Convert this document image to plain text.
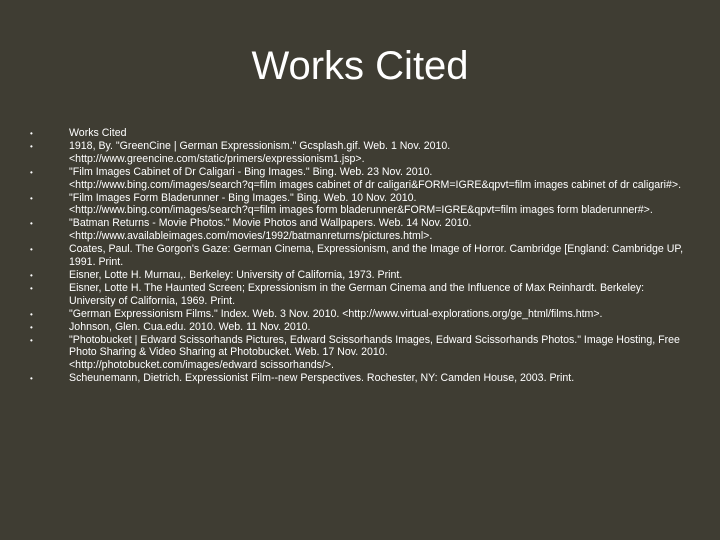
Works Cited
•	Works Cited
•	1918, By. "GreenCine | German Expressionism." Gcsplash.gif. Web. 1 Nov. 2010.
<http://www.greencine.com/static/primers/expressionism1.jsp>.
•	"Film Images Cabinet of Dr Caligari - Bing Images." Bing. Web. 23 Nov. 2010.
<http://www.bing.com/images/search?q=film images cabinet of dr caligari&FORM=IGRE&qpvt=film images cabinet of dr caligari#>.
•	"Film Images Form Bladerunner - Bing Images." Bing. Web. 10 Nov. 2010.
<http://www.bing.com/images/search?q=film images form bladerunner&FORM=IGRE&qpvt=film images form bladerunner#>.
•	"Batman Returns - Movie Photos." Movie Photos and Wallpapers. Web. 14 Nov. 2010.
<http://www.availableimages.com/movies/1992/batmanreturns/pictures.html>.
•	Coates, Paul. The Gorgon's Gaze: German Cinema, Expressionism, and the Image of Horror. Cambridge [England: Cambridge UP, 1991. Print.
•	Eisner, Lotte H. Murnau,. Berkeley: University of California, 1973. Print.
•	Eisner, Lotte H. The Haunted Screen; Expressionism in the German Cinema and the Influence of Max Reinhardt. Berkeley: University of California, 1969. Print.
•	"German Expressionism Films." Index. Web. 3 Nov. 2010. <http://www.virtual-explorations.org/ge_html/films.htm>.
•	Johnson, Glen. Cua.edu. 2010. Web. 11 Nov. 2010.
•	"Photobucket | Edward Scissorhands Pictures, Edward Scissorhands Images, Edward Scissorhands Photos." Image Hosting, Free Photo Sharing & Video Sharing at Photobucket. Web. 17 Nov. 2010.
<http://photobucket.com/images/edward scissorhands/>.
•	Scheunemann, Dietrich. Expressionist Film--new Perspectives. Rochester, NY: Camden House, 2003. Print.
